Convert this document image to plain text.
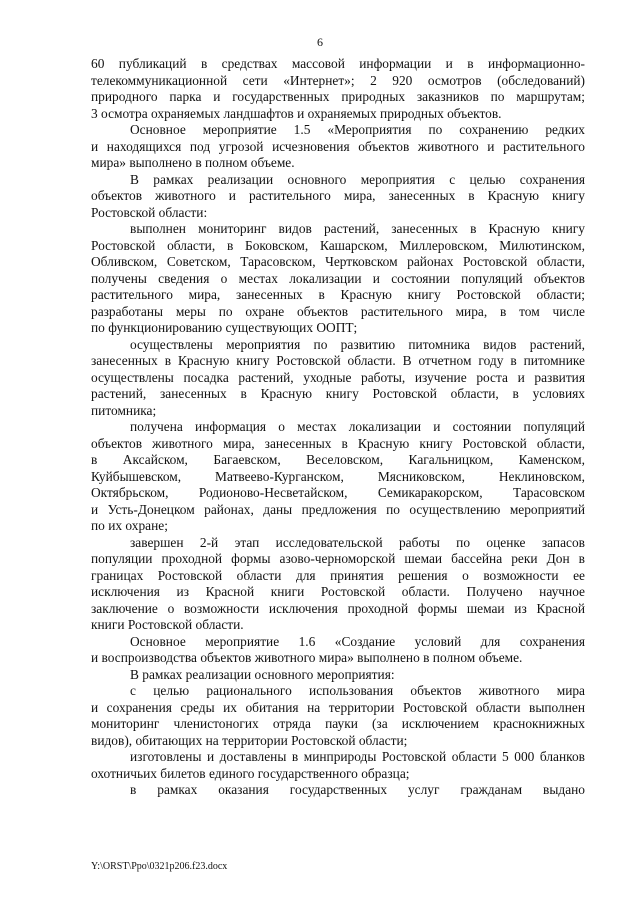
6
60 публикаций в средствах массовой информации и в информационно-
телекоммуникационной сети «Интернет»; 2 920 осмотров (обследований)
природного парка и государственных природных заказников по маршрутам;
3 осмотра охраняемых ландшафтов и охраняемых природных объектов.
Основное мероприятие 1.5 «Мероприятия по сохранению редких
и находящихся под угрозой исчезновения объектов животного и растительного
мира» выполнено в полном объеме.
В рамках реализации основного мероприятия с целью сохранения
объектов животного и растительного мира, занесенных в Красную книгу
Ростовской области:
выполнен мониторинг видов растений, занесенных в Красную книгу
Ростовской области, в Боковском, Кашарском, Миллеровском, Милютинском,
Обливском, Советском, Тарасовском, Чертковском районах Ростовской области,
получены сведения о местах локализации и состоянии популяций объектов
растительного мира, занесенных в Красную книгу Ростовской области;
разработаны меры по охране объектов растительного мира, в том числе
по функционированию существующих ООПТ;
осуществлены мероприятия по развитию питомника видов растений,
занесенных в Красную книгу Ростовской области. В отчетном году в питомнике
осуществлены посадка растений, уходные работы, изучение роста и развития
растений, занесенных в Красную книгу Ростовской области, в условиях
питомника;
получена информация о местах локализации и состоянии популяций
объектов животного мира, занесенных в Красную книгу Ростовской области,
в Аксайском, Багаевском, Веселовском, Кагальницком, Каменском,
Куйбышевском, Матвеево-Курганском, Мясниковском, Неклиновском,
Октябрьском, Родионово-Несветайском, Семикаракорском, Тарасовском
и Усть-Донецком районах, даны предложения по осуществлению мероприятий
по их охране;
завершен 2-й этап исследовательской работы по оценке запасов
популяции проходной формы азово-черноморской шемаи бассейна реки Дон в
границах Ростовской области для принятия решения о возможности ее
исключения из Красной книги Ростовской области. Получено научное
заключение о возможности исключения проходной формы шемаи из Красной
книги Ростовской области.
Основное мероприятие 1.6 «Создание условий для сохранения
и воспроизводства объектов животного мира» выполнено в полном объеме.
В рамках реализации основного мероприятия:
с целью рационального использования объектов животного мира
и сохранения среды их обитания на территории Ростовской области выполнен
мониторинг членистоногих отряда пауки (за исключением краснокнижных
видов), обитающих на территории Ростовской области;
изготовлены и доставлены в минприроды Ростовской области 5 000 бланков
охотничьих билетов единого государственного образца;
в рамках оказания государственных услуг гражданам выдано
Y:\ORST\Ppo\0321p206.f23.docx
